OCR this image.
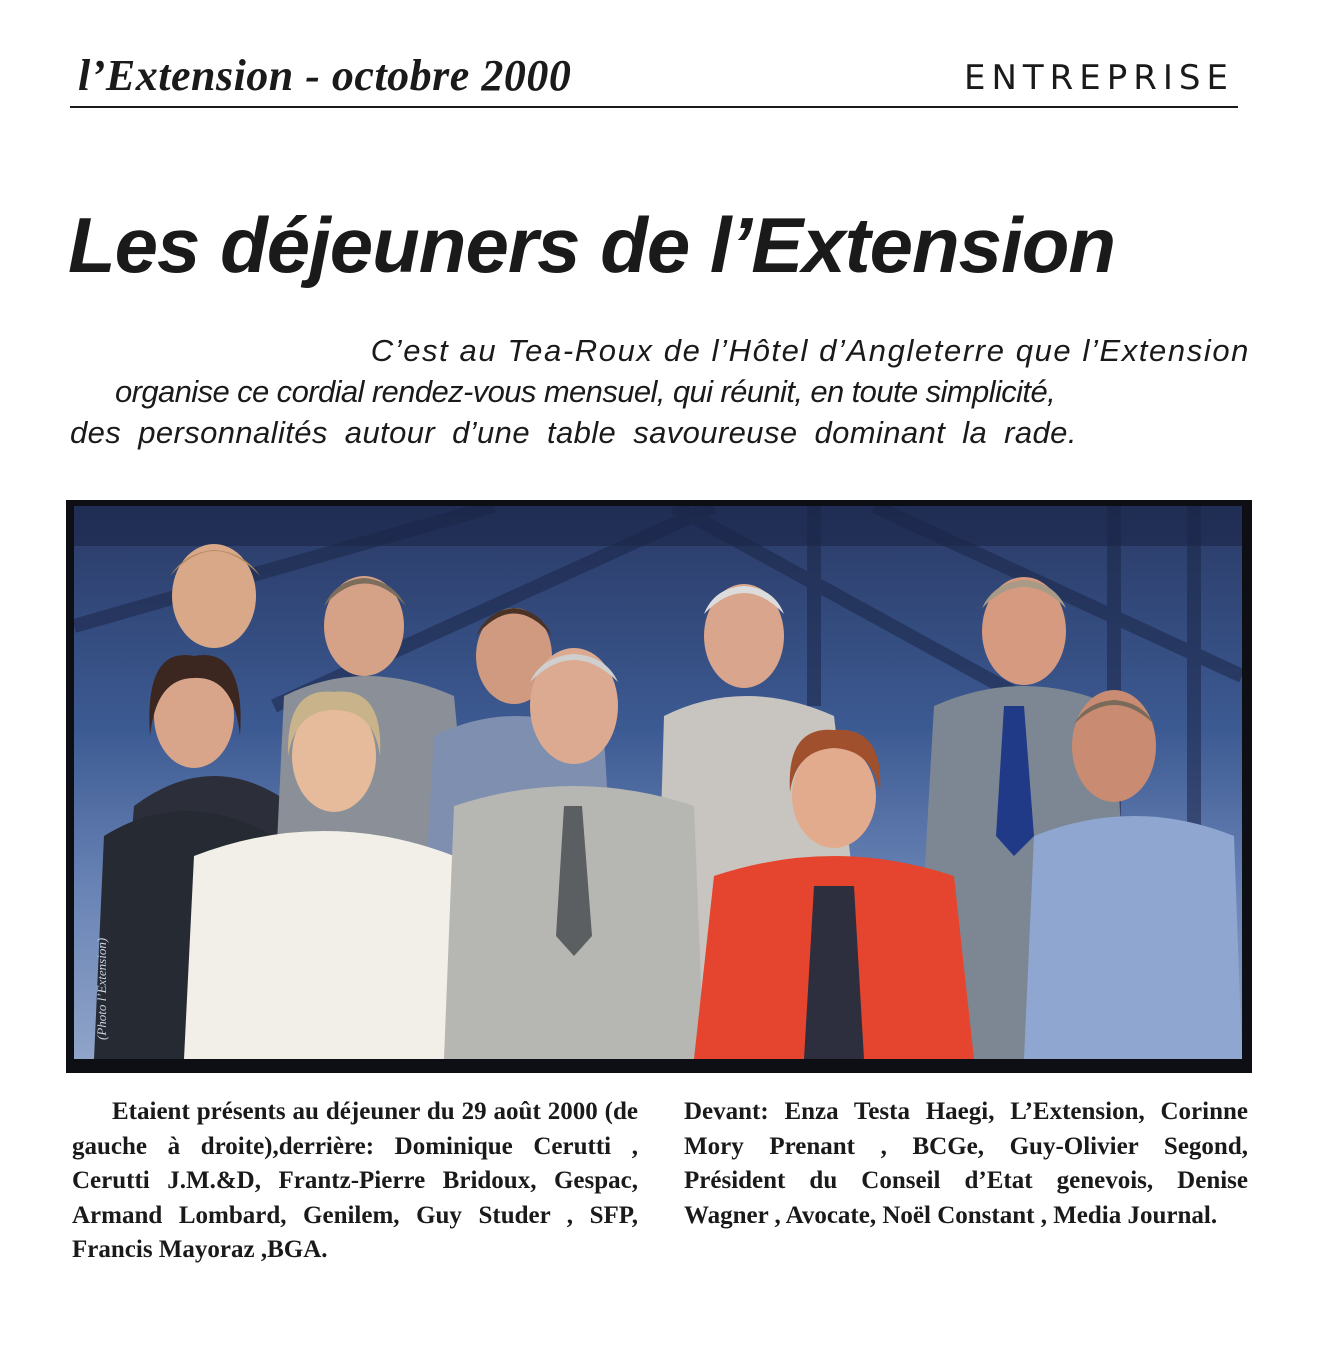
l’Extension - octobre 2000	ENTREPRISE
Les déjeuners de l’Extension
C’est au Tea-Roux de l’Hôtel d’Angleterre que l’Extension
organise ce cordial rendez-vous mensuel, qui réunit, en toute simplicité,
des personnalités autour d’une table savoureuse dominant la rade.
(Photo l’Extension)
Etaient présents au déjeuner du 29 août 2000 (de gauche à droite),derrière: Dominique Cerutti , Cerutti J.M.&D, Frantz-Pierre Bridoux, Gespac, Armand Lombard, Genilem, Guy Studer , SFP, Francis Mayoraz ,BGA.
Devant: Enza Testa Haegi, L’Extension, Corinne Mory Prenant , BCGe, Guy-Olivier Segond, Président du Conseil d’Etat genevois, Denise Wagner , Avocate, Noël Constant , Media Journal.
